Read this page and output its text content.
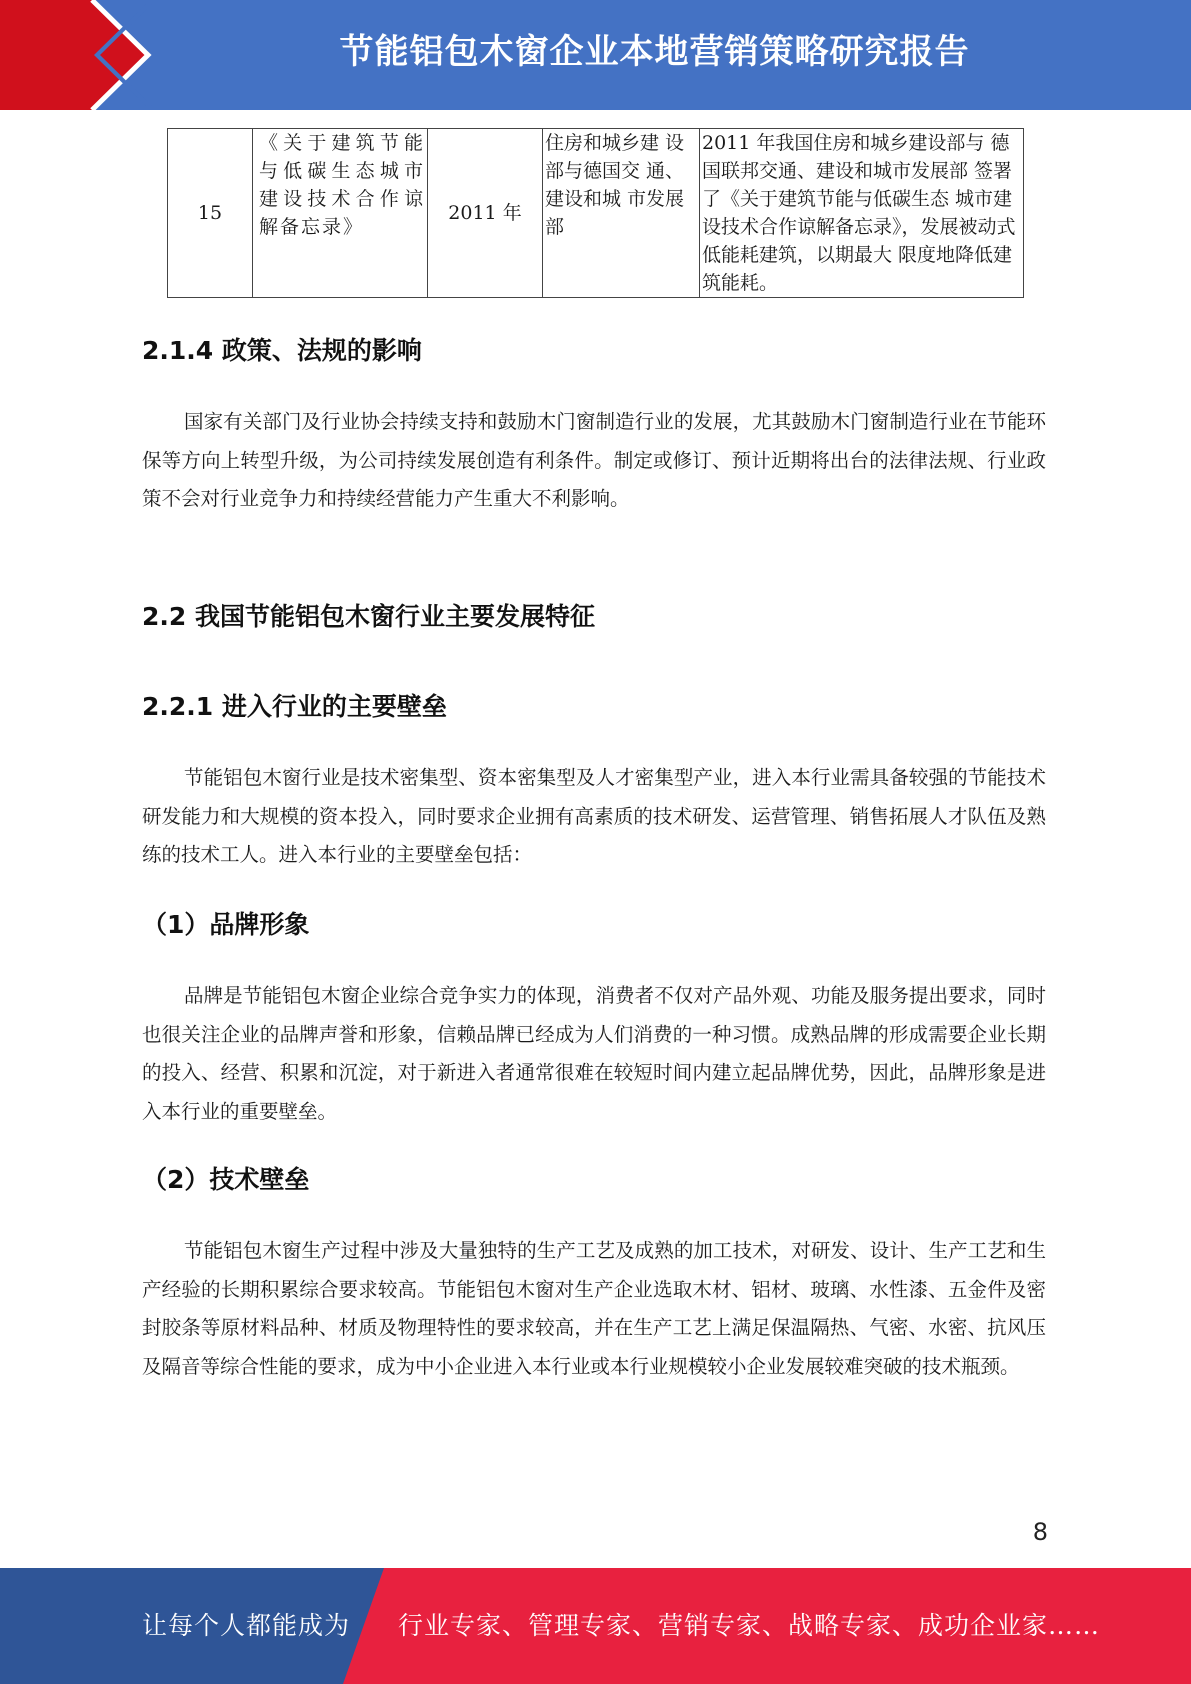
节能铝包木窗企业本地营销策略研究报告
15	《关于建筑节能与低碳生态城市建设技术合作谅解备忘录》	2011 年	住房和城乡建 设部与德国交 通、建设和城 市发展部	2011 年我国住房和城乡建设部与 德国联邦交通、建设和城市发展部 签署了《关于建筑节能与低碳生态 城市建设技术合作谅解备忘录》，发展被动式低能耗建筑，以期最大 限度地降低建筑能耗。
2.1.4 政策、法规的影响

国家有关部门及行业协会持续支持和鼓励木门窗制造行业的发展，尤其鼓励木门窗制造行业在节能环保等方向上转型升级，为公司持续发展创造有利条件。制定或修订、预计近期将出台的法律法规、行业政策不会对行业竞争力和持续经营能力产生重大不利影响。

2.2 我国节能铝包木窗行业主要发展特征
2.2.1 进入行业的主要壁垒

节能铝包木窗行业是技术密集型、资本密集型及人才密集型产业，进入本行业需具备较强的节能技术研发能力和大规模的资本投入，同时要求企业拥有高素质的技术研发、运营管理、销售拓展人才队伍及熟练的技术工人。进入本行业的主要壁垒包括：

（1）品牌形象

品牌是节能铝包木窗企业综合竞争实力的体现，消费者不仅对产品外观、功能及服务提出要求，同时也很关注企业的品牌声誉和形象，信赖品牌已经成为人们消费的一种习惯。成熟品牌的形成需要企业长期的投入、经营、积累和沉淀，对于新进入者通常很难在较短时间内建立起品牌优势，因此，品牌形象是进入本行业的重要壁垒。

（2）技术壁垒

节能铝包木窗生产过程中涉及大量独特的生产工艺及成熟的加工技术，对研发、设计、生产工艺和生产经验的长期积累综合要求较高。节能铝包木窗对生产企业选取木材、铝材、玻璃、水性漆、五金件及密封胶条等原材料品种、材质及物理特性的要求较高，并在生产工艺上满足保温隔热、气密、水密、抗风压及隔音等综合性能的要求，成为中小企业进入本行业或本行业规模较小企业发展较难突破的技术瓶颈。

8
让每个人都能成为 行业专家、管理专家、营销专家、战略专家、成功企业家……
